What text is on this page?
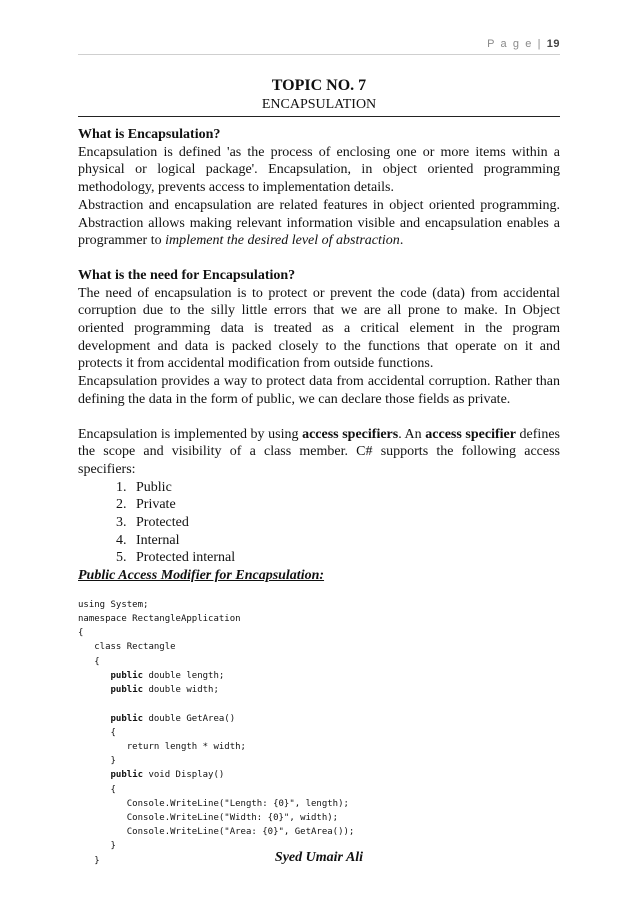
P a g e | 19
TOPIC NO. 7
ENCAPSULATION

What is Encapsulation?

Encapsulation is defined 'as the process of enclosing one or more items within a physical or logical package'. Encapsulation, in object oriented programming methodology, prevents access to implementation details.

Abstraction and encapsulation are related features in object oriented programming. Abstraction allows making relevant information visible and encapsulation enables a programmer to implement the desired level of abstraction.

What is the need for Encapsulation?

The need of encapsulation is to protect or prevent the code (data) from accidental corruption due to the silly little errors that we are all prone to make. In Object oriented programming data is treated as a critical element in the program development and data is packed closely to the functions that operate on it and protects it from accidental modification from outside functions.

Encapsulation provides a way to protect data from accidental corruption. Rather than defining the data in the form of public, we can declare those fields as private.

Encapsulation is implemented by using access specifiers. An access specifier defines the scope and visibility of a class member. C# supports the following access specifiers:

1. Public
2. Private
3. Protected
4. Internal
5. Protected internal

Public Access Modifier for Encapsulation:

using System;
namespace RectangleApplication
{
class Rectangle
{
public double length;
public double width;

public double GetArea()
{
return length * width;
}
public void Display()
{
Console.WriteLine("Length: {0}", length);
Console.WriteLine("Width: {0}", width);
Console.WriteLine("Area: {0}", GetArea());
}
}	Syed Umair Ali
